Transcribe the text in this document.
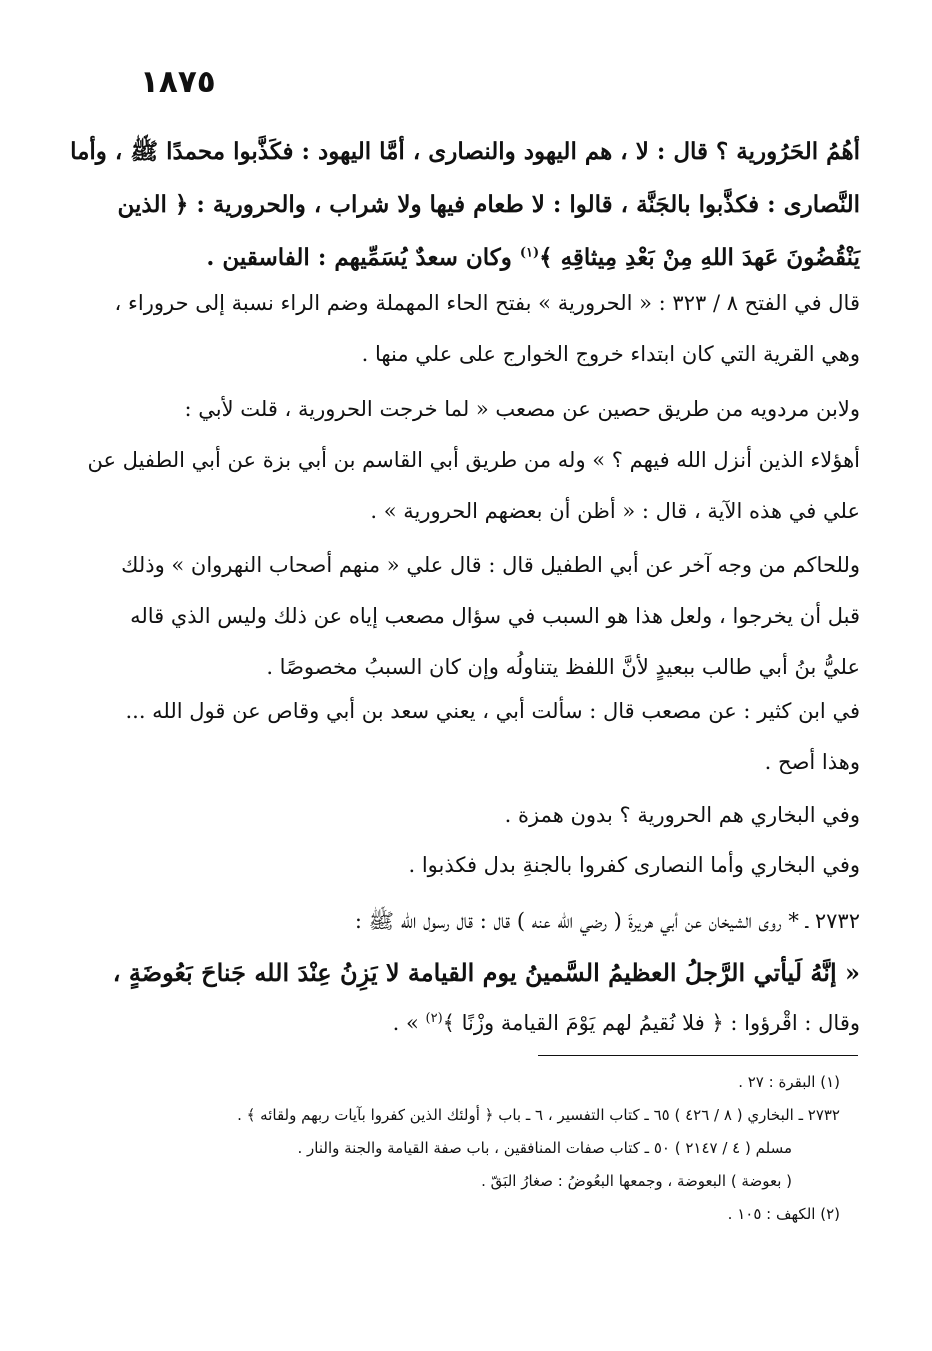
١٨٧٥
أهُمُ الحَرُورية ؟ قال : لا ، هم اليهود والنصارى ، أمَّا اليهود : فكَذَّبوا محمدًا ﷺ ، وأما
النَّصارى : فكذَّبوا بالجَنَّة ، قالوا : لا طعام فيها ولا شراب ، والحرورية : ﴿ الذين
يَنْقُضُونَ عَهدَ اللهِ مِنْ بَعْدِ مِيثاقِهِ ﴾$^{(١)}$ وكان سعدٌ يُسَمِّيهم : الفاسقين .
قال في الفتح ٨ / ٣٢٣ : « الحرورية » بفتح الحاء المهملة وضم الراء نسبة إلى حروراء ،
وهي القرية التي كان ابتداء خروج الخوارج على علي منها .
ولابن مردويه من طريق حصين عن مصعب « لما خرجت الحرورية ، قلت لأبي :
أهؤلاء الذين أنزل الله فيهم ؟ » وله من طريق أبي القاسم بن أبي بزة عن أبي الطفيل عن
علي في هذه الآية ، قال : « أظن أن بعضهم الحرورية » .
وللحاكم من وجه آخر عن أبي الطفيل قال : قال علي « منهم أصحاب النهروان » وذلك
قبل أن يخرجوا ، ولعل هذا هو السبب في سؤال مصعب إياه عن ذلك وليس الذي قاله
عليُّ بنُ أبي طالب ببعيدٍ لأنَّ اللفظ يتناولُه وإن كان السببُ مخصوصًا .
في ابن كثير : عن مصعب قال : سألت أبي ، يعني سعد بن أبي وقاص عن قول الله ...
وهذا أصح .
وفي البخاري هم الحرورية ؟ بدون همزة .
وفي البخاري وأما النصارى كفروا بالجنةِ بدل فكذبوا .
٢٧٣٢ ـ * روى الشيخان عن أبي هريرةَ ( رضي الله عنه ) قال : قال رسول الله ﷺ :
« إنَّهُ لَيأتي الرَّجلُ العظيمُ السَّمينُ يوم القيامة لا يَزِنُ عِنْدَ الله جَناحَ بَعُوضَةٍ ،
وقال : اقْرؤوا : ﴿ فلا نُقيمُ لهم يَوْمَ القيامة وزْنًا ﴾$^{(٢)}$ » .
(١) البقرة : ٢٧ .
٢٧٣٢ ـ البخاري ( ٨ / ٤٢٦ ) ٦٥ ـ كتاب التفسير ، ٦ ـ باب ﴿ أولئك الذين كفروا بآيات ربهم ولقائه ﴾ .
مسلم ( ٤ / ٢١٤٧ ) ٥٠ ـ كتاب صفات المنافقين ، باب صفة القيامة والجنة والنار .
( بعوضة ) البعوضة ، وجمعها البعُوضُ : صغارُ البَقّ .
(٢) الكهف : ١٠٥ .
